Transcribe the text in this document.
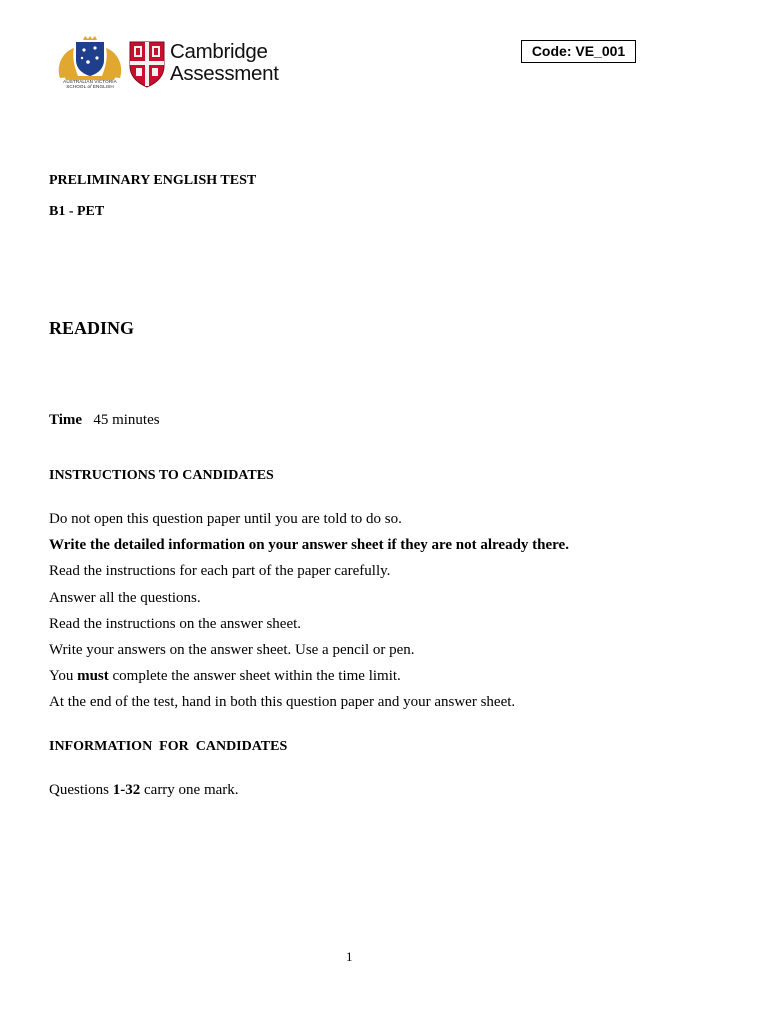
AUSTRALIAN VICTORIA
SCHOOL of ENGLISH
Cambridge
Assessment
Code: VE_001
PRELIMINARY ENGLISH TEST
B1 - PET
READING
Time 45 minutes
INSTRUCTIONS TO CANDIDATES
Do not open this question paper until you are told to do so.
Write the detailed information on your answer sheet if they are not already there.
Read the instructions for each part of the paper carefully.
Answer all the questions.
Read the instructions on the answer sheet.
Write your answers on the answer sheet. Use a pencil or pen.
You must complete the answer sheet within the time limit.
At the end of the test, hand in both this question paper and your answer sheet.
INFORMATION  FOR  CANDIDATES
Questions 1-32 carry one mark.
1
